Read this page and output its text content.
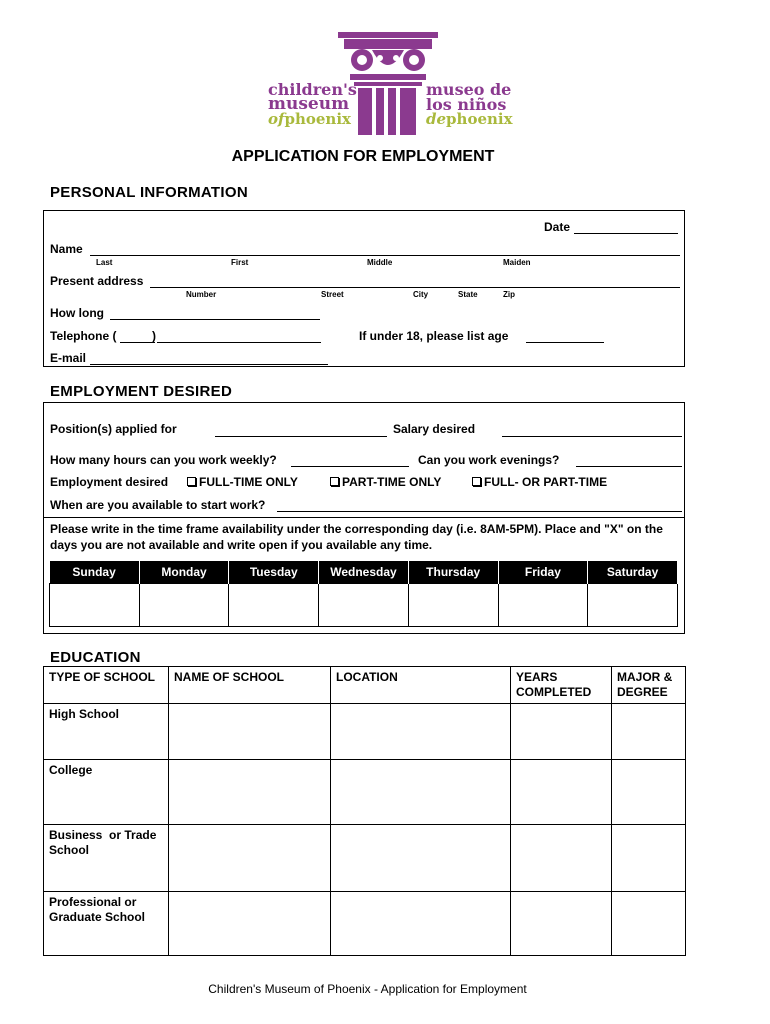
children's
museum
ofphoenix
museo de
los niños
dephoenix
APPLICATION FOR EMPLOYMENT
PERSONAL INFORMATION
Date
Name
Last	First	Middle	Maiden
Present address
Number	Street	City	State	Zip
How long
Telephone (	)	If under 18, please list age
E-mail
EMPLOYMENT DESIRED
Position(s) applied for	Salary desired
How many hours can you work weekly?	Can you work evenings?
Employment desired	FULL-TIME ONLY	PART-TIME ONLY	FULL- OR PART-TIME
When are you available to start work?
Please write in the time frame availability under the corresponding day (i.e. 8AM-5PM). Place and "X" on the days you are not available and write open if you available any time.
Sunday	Monday	Tuesday	Wednesday	Thursday	Friday	Saturday

EDUCATION
TYPE OF SCHOOL	NAME OF SCHOOL	LOCATION	YEARS COMPLETED	MAJOR & DEGREE
High School				
College				
Business  or Trade School				
Professional or Graduate School				
Children's Museum of Phoenix - Application for Employment
